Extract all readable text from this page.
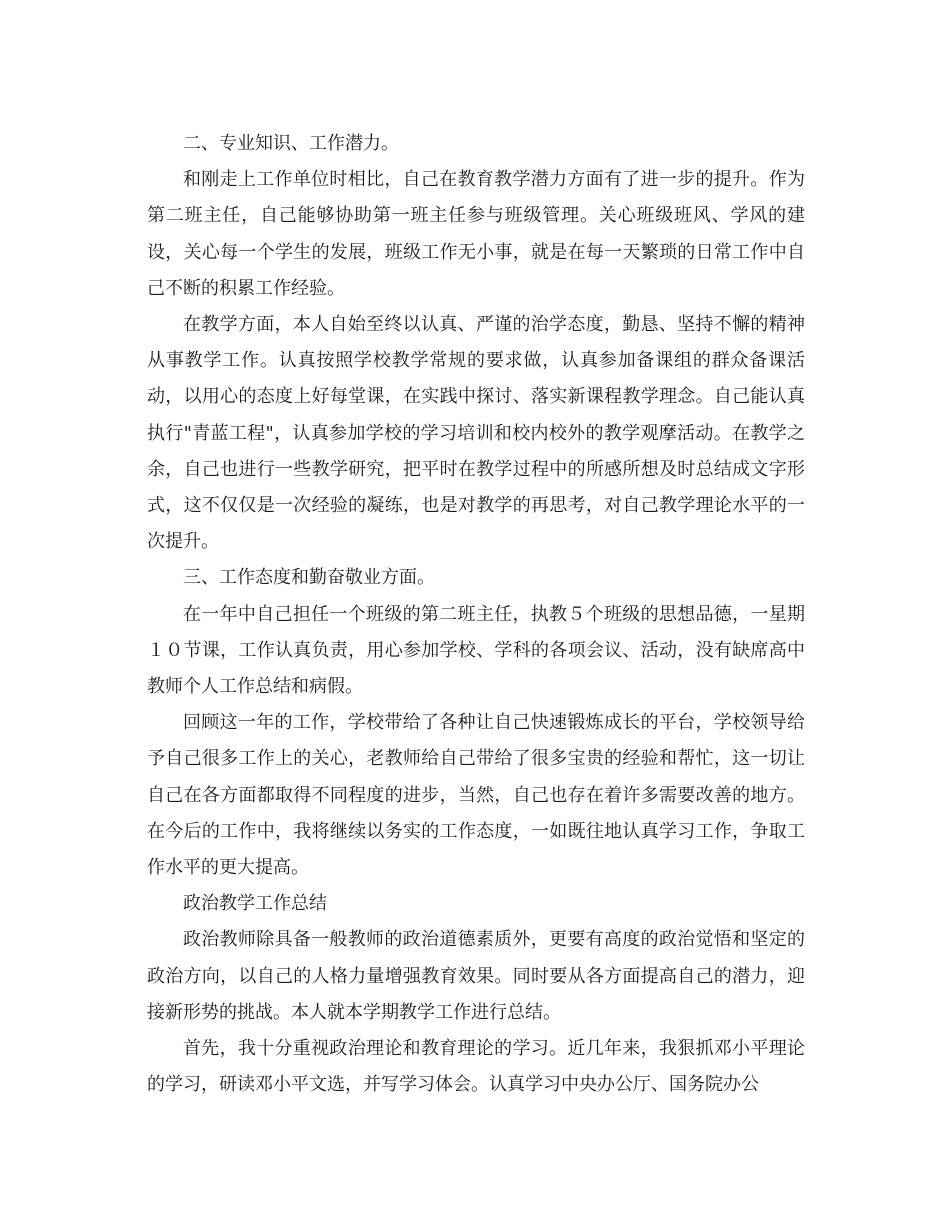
二、专业知识、工作潜力。

和刚走上工作单位时相比，自己在教育教学潜力方面有了进一步的提升。作为第二班主任，自己能够协助第一班主任参与班级管理。关心班级班风、学风的建设，关心每一个学生的发展，班级工作无小事，就是在每一天繁琐的日常工作中自己不断的积累工作经验。

在教学方面，本人自始至终以认真、严谨的治学态度，勤恳、坚持不懈的精神从事教学工作。认真按照学校教学常规的要求做，认真参加备课组的群众备课活动，以用心的态度上好每堂课，在实践中探讨、落实新课程教学理念。自己能认真执行"青蓝工程"，认真参加学校的学习培训和校内校外的教学观摩活动。在教学之余，自己也进行一些教学研究，把平时在教学过程中的所感所想及时总结成文字形式，这不仅仅是一次经验的凝练，也是对教学的再思考，对自己教学理论水平的一次提升。

三、工作态度和勤奋敬业方面。

在一年中自己担任一个班级的第二班主任，执教５个班级的思想品德，一星期１０节课，工作认真负责，用心参加学校、学科的各项会议、活动，没有缺席高中教师个人工作总结和病假。

回顾这一年的工作，学校带给了各种让自己快速锻炼成长的平台，学校领导给予自己很多工作上的关心，老教师给自己带给了很多宝贵的经验和帮忙，这一切让自己在各方面都取得不同程度的进步，当然，自己也存在着许多需要改善的地方。在今后的工作中，我将继续以务实的工作态度，一如既往地认真学习工作，争取工作水平的更大提高。

政治教学工作总结

政治教师除具备一般教师的政治道德素质外，更要有高度的政治觉悟和坚定的政治方向，以自己的人格力量增强教育效果。同时要从各方面提高自己的潜力，迎接新形势的挑战。本人就本学期教学工作进行总结。

首先，我十分重视政治理论和教育理论的学习。近几年来，我狠抓邓小平理论的学习，研读邓小平文选，并写学习体会。认真学习中央办公厅、国务院办公
